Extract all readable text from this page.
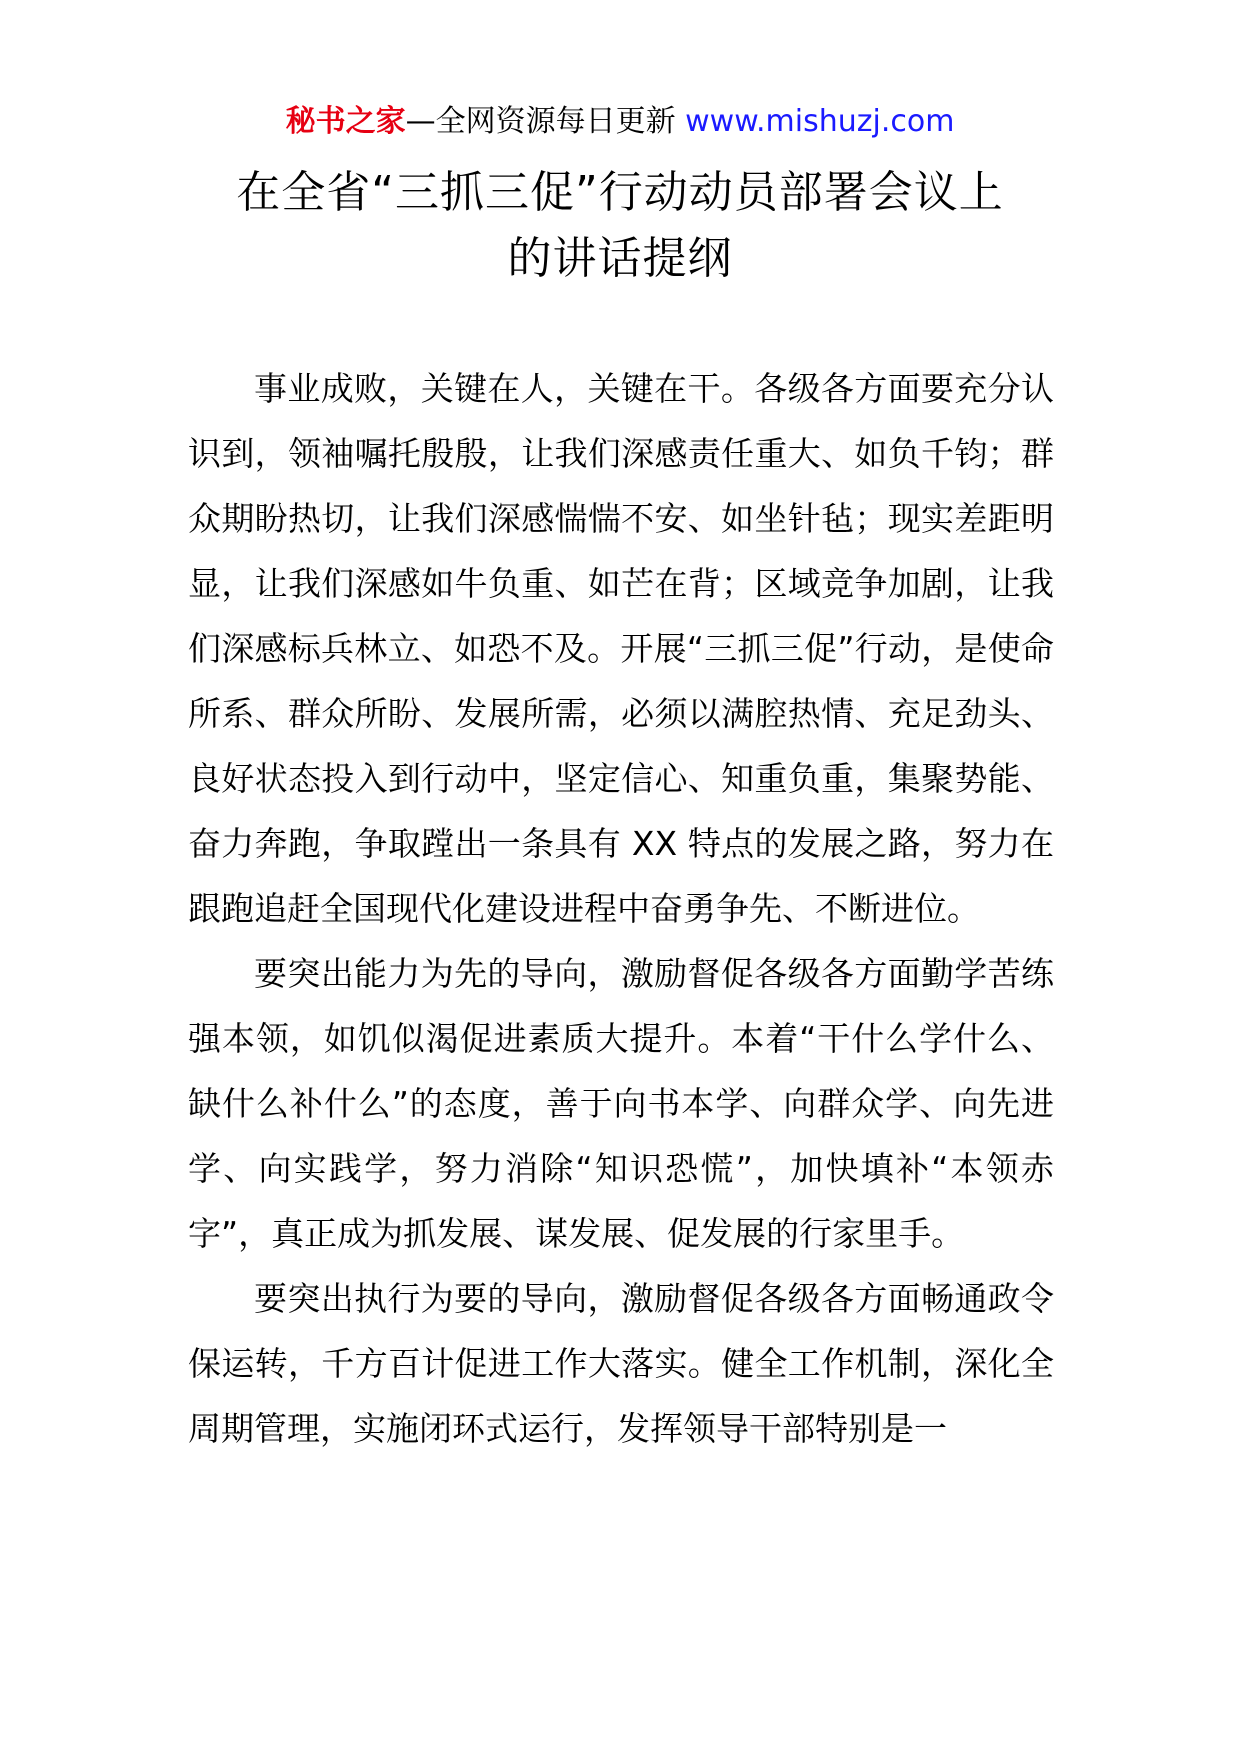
秘书之家—全网资源每日更新 www.mishuzj.com
在全省“三抓三促”行动动员部署会议上
的讲话提纲

事业成败，关键在人，关键在干。各级各方面要充分认识到，领袖嘱托殷殷，让我们深感责任重大、如负千钧；群众期盼热切，让我们深感惴惴不安、如坐针毡；现实差距明显，让我们深感如牛负重、如芒在背；区域竞争加剧，让我们深感标兵林立、如恐不及。开展“三抓三促”行动，是使命所系、群众所盼、发展所需，必须以满腔热情、充足劲头、良好状态投入到行动中，坚定信心、知重负重，集聚势能、奋力奔跑，争取蹚出一条具有 XX 特点的发展之路，努力在跟跑追赶全国现代化建设进程中奋勇争先、不断进位。

要突出能力为先的导向，激励督促各级各方面勤学苦练强本领，如饥似渴促进素质大提升。本着“干什么学什么、缺什么补什么”的态度，善于向书本学、向群众学、向先进学、向实践学，努力消除“知识恐慌”，加快填补“本领赤字”，真正成为抓发展、谋发展、促发展的行家里手。

要突出执行为要的导向，激励督促各级各方面畅通政令保运转，千方百计促进工作大落实。健全工作机制，深化全周期管理，实施闭环式运行，发挥领导干部特别是一
